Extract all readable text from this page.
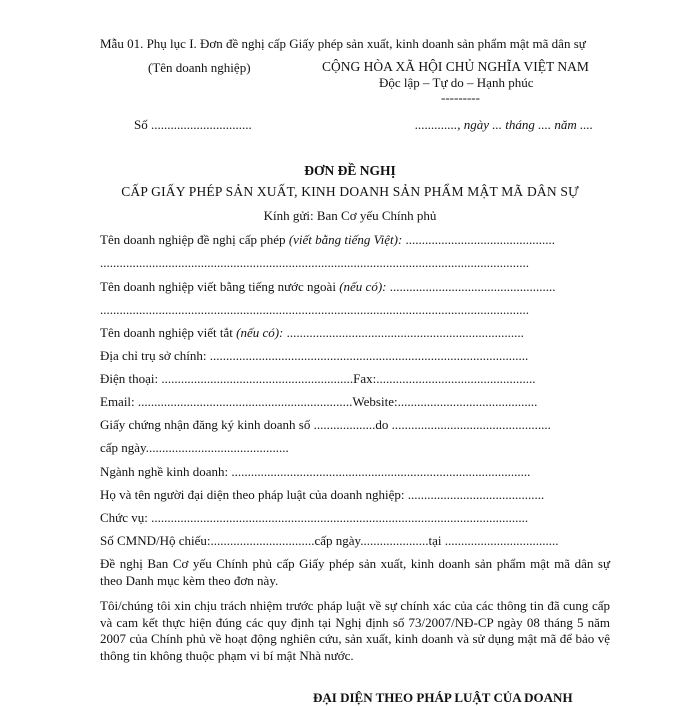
Mẫu 01. Phụ lục I. Đơn đề nghị cấp Giấy phép sản xuất, kinh doanh sản phẩm mật mã dân sự
(Tên doanh nghiệp)	CỘNG HÒA XÃ HỘI CHỦ NGHĨA VIỆT NAM
Độc lập – Tự do – Hạnh phúc
---------
Số ...............................	............., ngày ... tháng .... năm ....
ĐƠN ĐỀ NGHỊ
CẤP GIẤY PHÉP SẢN XUẤT, KINH DOANH SẢN PHẨM MẬT MÃ DÂN SỰ
Kính gửi: Ban Cơ yếu Chính phủ
Tên doanh nghiệp đề nghị cấp phép (viết bằng tiếng Việt): ..............................................
....................................................................................................................................
Tên doanh nghiệp viết bằng tiếng nước ngoài (nếu có): ...................................................
....................................................................................................................................
Tên doanh nghiệp viết tắt (nếu có): .........................................................................
Địa chỉ trụ sở chính: ..................................................................................................
Điện thoại: ...........................................................Fax:.................................................
Email: ..................................................................Website:...........................................
Giấy chứng nhận đăng ký kinh doanh số ...................do .................................................
cấp ngày............................................
Ngành nghề kinh doanh: ............................................................................................
Họ và tên người đại diện theo pháp luật của doanh nghiệp: ..........................................
Chức vụ: ....................................................................................................................
Số CMND/Hộ chiếu:................................cấp ngày.....................tại ...................................
Đề nghị Ban Cơ yếu Chính phủ cấp Giấy phép sản xuất, kinh doanh sản phẩm mật mã dân sự theo Danh mục kèm theo đơn này.
Tôi/chúng tôi xin chịu trách nhiệm trước pháp luật về sự chính xác của các thông tin đã cung cấp và cam kết thực hiện đúng các quy định tại Nghị định số 73/2007/NĐ-CP ngày 08 tháng 5 năm 2007 của Chính phủ về hoạt động nghiên cứu, sản xuất, kinh doanh và sử dụng mật mã để bảo vệ thông tin không thuộc phạm vi bí mật Nhà nước.
ĐẠI DIỆN THEO PHÁP LUẬT CỦA DOANH
